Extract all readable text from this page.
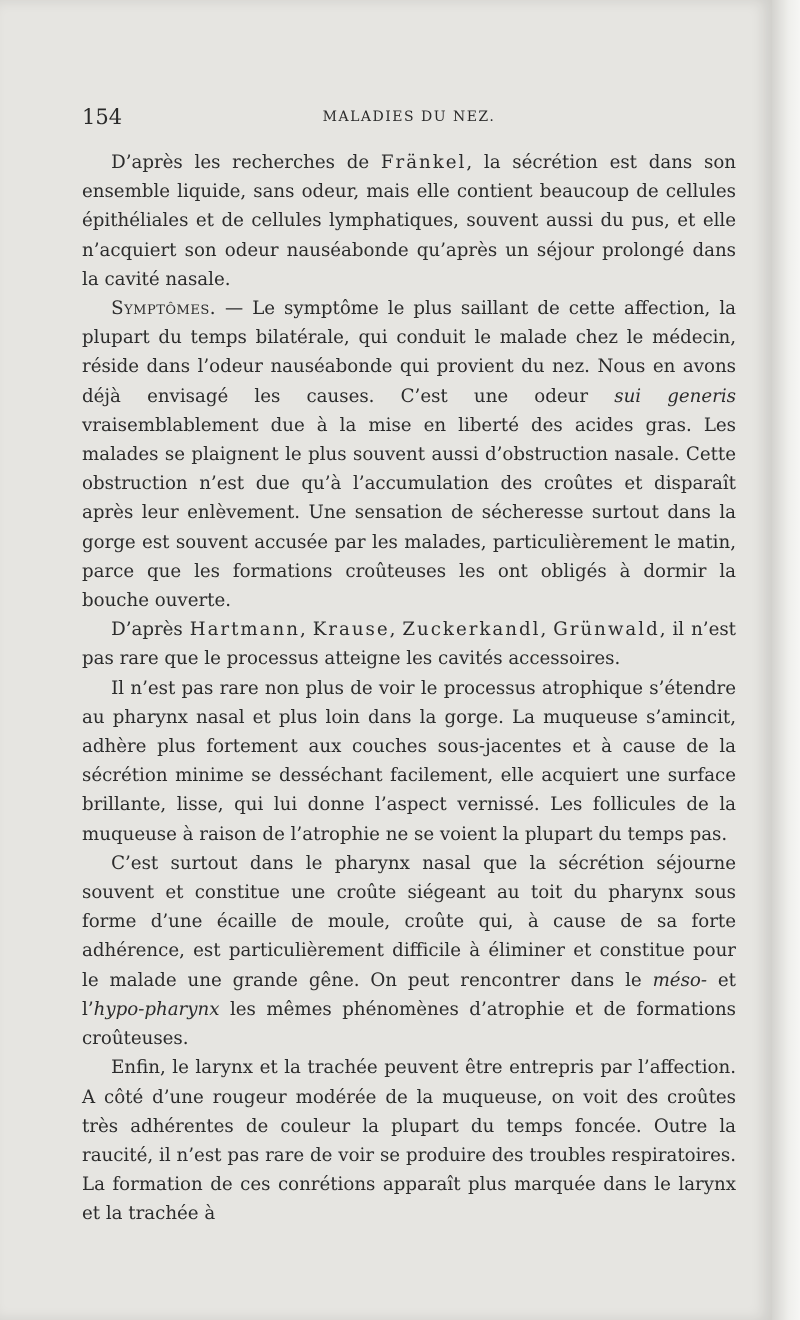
154	MALADIES DU NEZ.

D’après les recherches de Fränkel, la sécrétion est dans son ensemble liquide, sans odeur, mais elle contient beaucoup de cellules épithéliales et de cellules lymphatiques, souvent aussi du pus, et elle n’acquiert son odeur nauséabonde qu’après un séjour prolongé dans la cavité nasale.

Symptômes. — Le symptôme le plus saillant de cette affection, la plupart du temps bilatérale, qui conduit le malade chez le médecin, réside dans l’odeur nauséabonde qui provient du nez. Nous en avons déjà envisagé les causes. C’est une odeur sui generis vraisemblablement due à la mise en liberté des acides gras. Les malades se plaignent le plus souvent aussi d’obstruction nasale. Cette obstruction n’est due qu’à l’accumulation des croûtes et disparaît après leur enlèvement. Une sensation de sécheresse surtout dans la gorge est souvent accusée par les malades, particulièrement le matin, parce que les formations croûteuses les ont obligés à dormir la bouche ouverte.

D’après Hartmann, Krause, Zuckerkandl, Grünwald, il n’est pas rare que le processus atteigne les cavités accessoires.

Il n’est pas rare non plus de voir le processus atrophique s’étendre au pharynx nasal et plus loin dans la gorge. La muqueuse s’amincit, adhère plus fortement aux couches sous-jacentes et à cause de la sécrétion minime se desséchant facilement, elle acquiert une surface brillante, lisse, qui lui donne l’aspect vernissé. Les follicules de la muqueuse à raison de l’atrophie ne se voient la plupart du temps pas.

C’est surtout dans le pharynx nasal que la sécrétion séjourne souvent et constitue une croûte siégeant au toit du pharynx sous forme d’une écaille de moule, croûte qui, à cause de sa forte adhérence, est particulièrement difficile à éliminer et constitue pour le malade une grande gêne. On peut rencontrer dans le méso- et l’hypo-pharynx les mêmes phénomènes d’atrophie et de formations croûteuses.

Enfin, le larynx et la trachée peuvent être entrepris par l’affection. A côté d’une rougeur modérée de la muqueuse, on voit des croûtes très adhérentes de couleur la plupart du temps foncée. Outre la raucité, il n’est pas rare de voir se produire des troubles respiratoires. La formation de ces conrétions apparaît plus marquée dans le larynx et la trachée à
